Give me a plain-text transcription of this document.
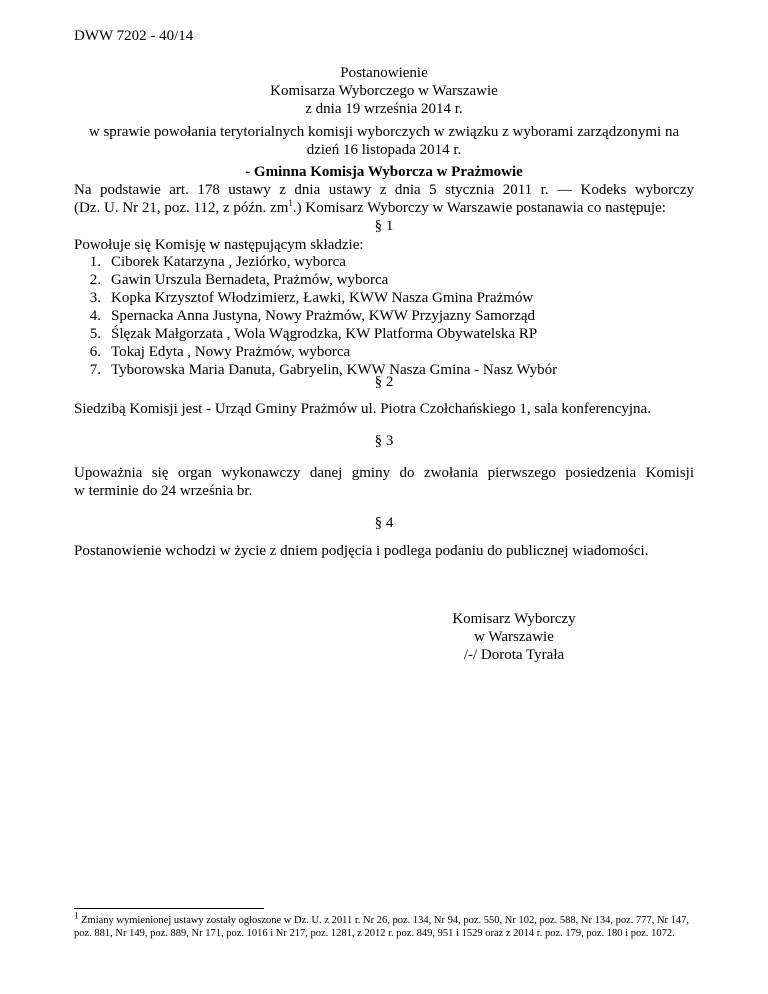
DWW 7202 - 40/14
Postanowienie
Komisarza Wyborczego w Warszawie
z dnia 19 września 2014 r.
w sprawie powołania terytorialnych komisji wyborczych w związku z wyborami zarządzonymi na
dzień 16 listopada 2014 r.
- Gminna Komisja Wyborcza w Prażmowie
Na podstawie art. 178 ustawy z dnia ustawy z dnia 5 stycznia 2011 r. — Kodeks wyborczy
(Dz. U. Nr 21, poz. 112, z późn. $zm^1$.) Komisarz Wyborczy w Warszawie postanawia co następuje:
§ 1
Powołuje się Komisję w następującym składzie:
1. Ciborek Katarzyna , Jeziórko, wyborca
2. Gawin Urszula Bernadeta, Prażmów, wyborca
3. Kopka Krzysztof Włodzimierz, Ławki, KWW Nasza Gmina Prażmów
4. Spernacka Anna Justyna, Nowy Prażmów, KWW Przyjazny Samorząd
5. Ślęzak Małgorzata , Wola Wągrodzka, KW Platforma Obywatelska RP
6. Tokaj Edyta , Nowy Prażmów, wyborca
7. Tyborowska Maria Danuta, Gabryelin, KWW Nasza Gmina - Nasz Wybór
§ 2
Siedzibą Komisji jest - Urząd Gminy Prażmów ul. Piotra Czołchańskiego 1, sala konferencyjna.
§ 3
Upoważnia się organ wykonawczy danej gminy do zwołania pierwszego posiedzenia Komisji
w terminie do 24 września br.
§ 4
Postanowienie wchodzi w życie z dniem podjęcia i podlega podaniu do publicznej wiadomości.
Komisarz Wyborczy
w Warszawie
/-/ Dorota Tyrała
$^1$ Zmiany wymienionej ustawy zostały ogłoszone w Dz. U. z 2011 r. Nr 26, poz. 134, Nr 94, poz. 550, Nr 102, poz. 588, Nr 134, poz. 777, Nr 147,
poz. 881, Nr 149, poz. 889, Nr 171, poz. 1016 i Nr 217, poz. 1281, z 2012 r. poz. 849, 951 i 1529 oraz z 2014 r. poz. 179, poz. 180 i poz. 1072.
